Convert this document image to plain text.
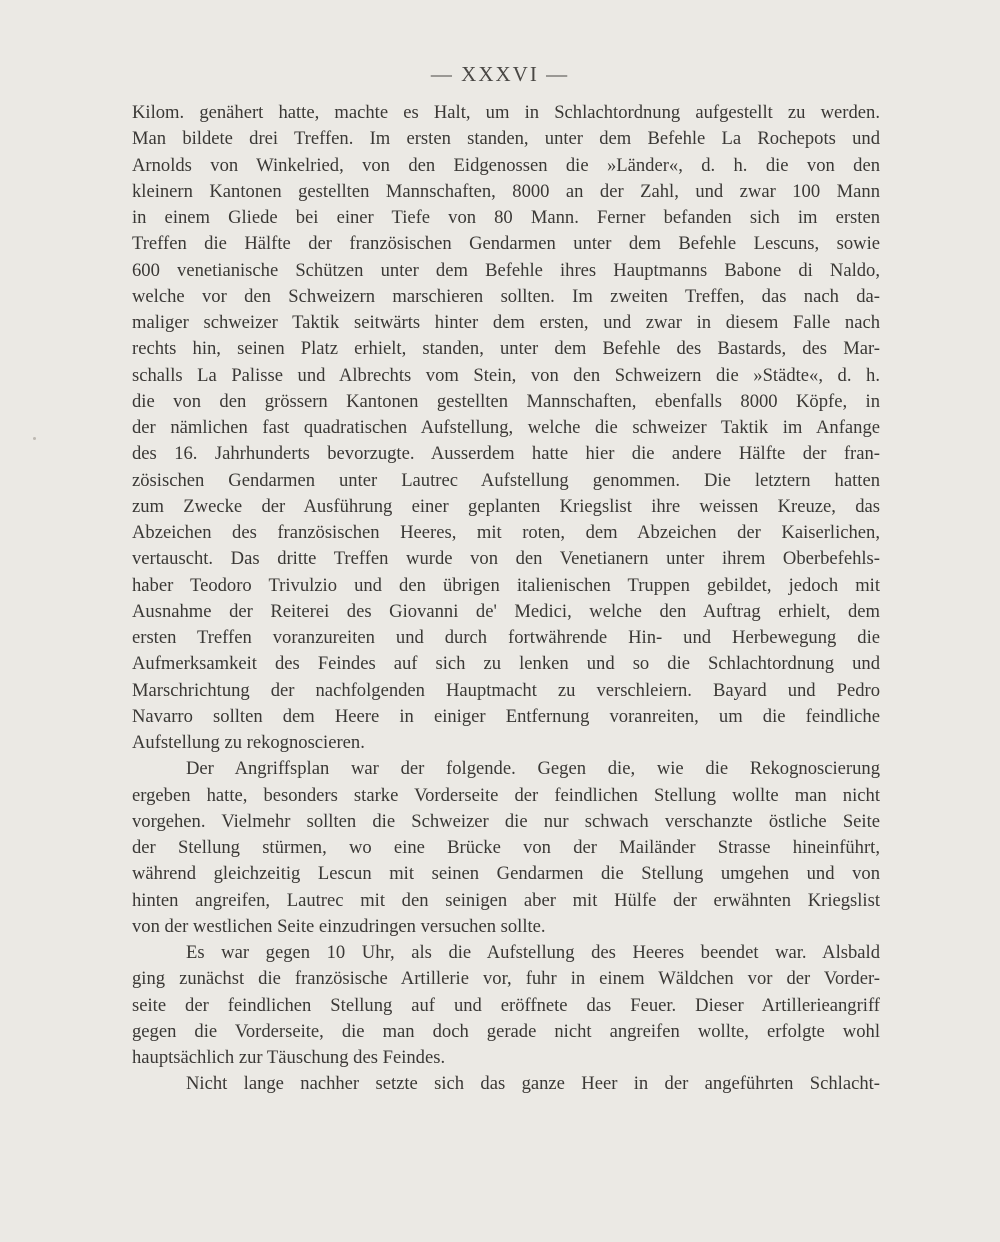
— XXXVI —
Kilom. genähert hatte, machte es Halt, um in Schlachtordnung aufgestellt zu werden.
Man bildete drei Treffen. Im ersten standen, unter dem Befehle La Rochepots und
Arnolds von Winkelried, von den Eidgenossen die »Länder«, d. h. die von den
kleinern Kantonen gestellten Mannschaften, 8000 an der Zahl, und zwar 100 Mann
in einem Gliede bei einer Tiefe von 80 Mann. Ferner befanden sich im ersten
Treffen die Hälfte der französischen Gendarmen unter dem Befehle Lescuns, sowie
600 venetianische Schützen unter dem Befehle ihres Hauptmanns Babone di Naldo,
welche vor den Schweizern marschieren sollten. Im zweiten Treffen, das nach da-
maliger schweizer Taktik seitwärts hinter dem ersten, und zwar in diesem Falle nach
rechts hin, seinen Platz erhielt, standen, unter dem Befehle des Bastards, des Mar-
schalls La Palisse und Albrechts vom Stein, von den Schweizern die »Städte«, d. h.
die von den grössern Kantonen gestellten Mannschaften, ebenfalls 8000 Köpfe, in
der nämlichen fast quadratischen Aufstellung, welche die schweizer Taktik im Anfange
des 16. Jahrhunderts bevorzugte. Ausserdem hatte hier die andere Hälfte der fran-
zösischen Gendarmen unter Lautrec Aufstellung genommen. Die letztern hatten
zum Zwecke der Ausführung einer geplanten Kriegslist ihre weissen Kreuze, das
Abzeichen des französischen Heeres, mit roten, dem Abzeichen der Kaiserlichen,
vertauscht. Das dritte Treffen wurde von den Venetianern unter ihrem Oberbefehls-
haber Teodoro Trivulzio und den übrigen italienischen Truppen gebildet, jedoch mit
Ausnahme der Reiterei des Giovanni de' Medici, welche den Auftrag erhielt, dem
ersten Treffen voranzureiten und durch fortwährende Hin- und Herbewegung die
Aufmerksamkeit des Feindes auf sich zu lenken und so die Schlachtordnung und
Marschrichtung der nachfolgenden Hauptmacht zu verschleiern. Bayard und Pedro
Navarro sollten dem Heere in einiger Entfernung voranreiten, um die feindliche
Aufstellung zu rekognoscieren.
Der Angriffsplan war der folgende. Gegen die, wie die Rekognoscierung
ergeben hatte, besonders starke Vorderseite der feindlichen Stellung wollte man nicht
vorgehen. Vielmehr sollten die Schweizer die nur schwach verschanzte östliche Seite
der Stellung stürmen, wo eine Brücke von der Mailänder Strasse hineinführt,
während gleichzeitig Lescun mit seinen Gendarmen die Stellung umgehen und von
hinten angreifen, Lautrec mit den seinigen aber mit Hülfe der erwähnten Kriegslist
von der westlichen Seite einzudringen versuchen sollte.
Es war gegen 10 Uhr, als die Aufstellung des Heeres beendet war. Alsbald
ging zunächst die französische Artillerie vor, fuhr in einem Wäldchen vor der Vorder-
seite der feindlichen Stellung auf und eröffnete das Feuer. Dieser Artillerieangriff
gegen die Vorderseite, die man doch gerade nicht angreifen wollte, erfolgte wohl
hauptsächlich zur Täuschung des Feindes.
Nicht lange nachher setzte sich das ganze Heer in der angeführten Schlacht-
